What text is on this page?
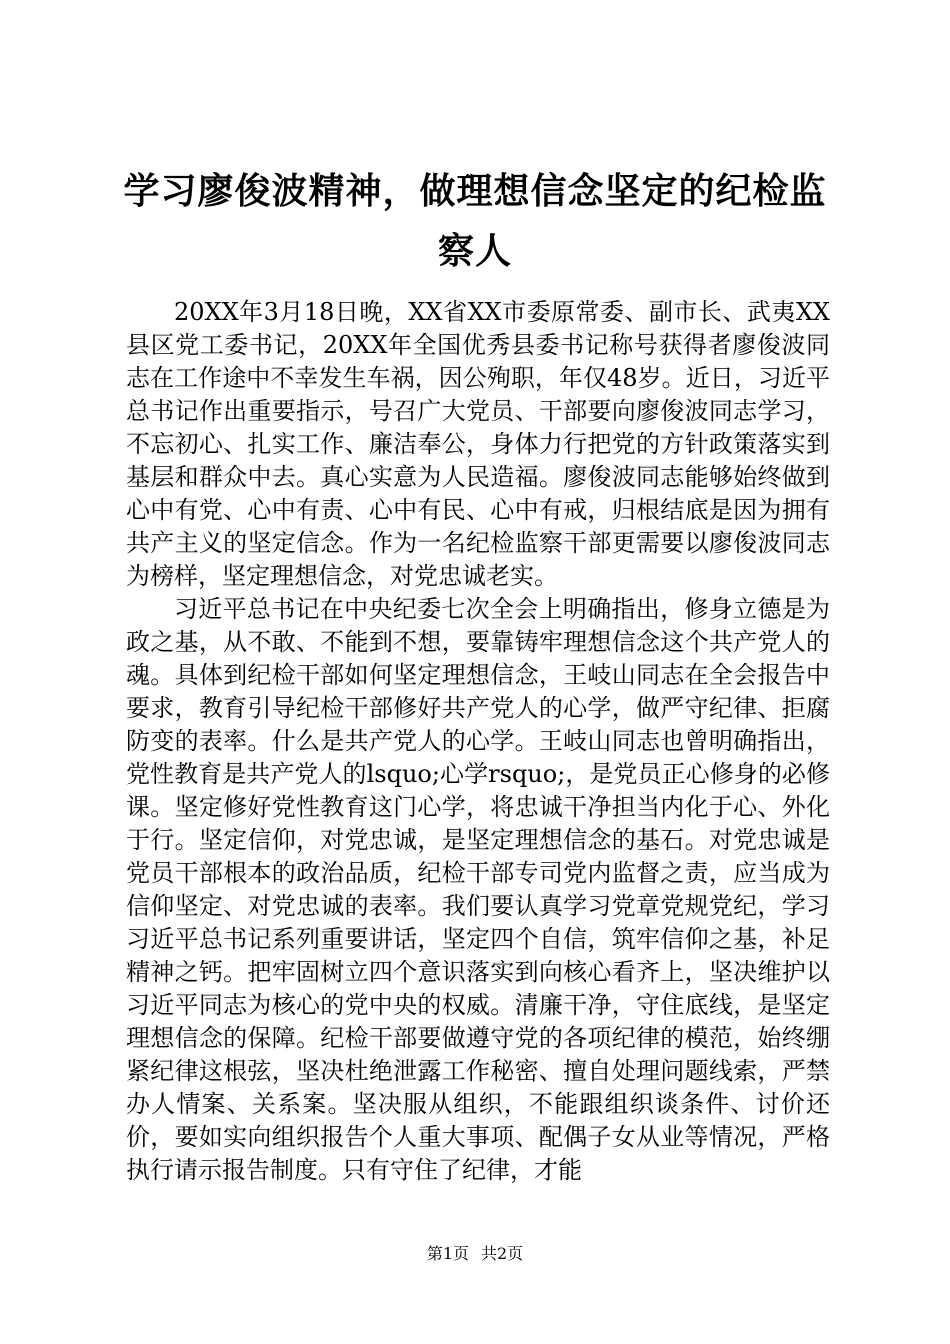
学习廖俊波精神，做理想信念坚定的纪检监察人

20XX年3月18日晚，XX省XX市委原常委、副市长、武夷XX县区党工委书记，20XX年全国优秀县委书记称号获得者廖俊波同志在工作途中不幸发生车祸，因公殉职，年仅48岁。近日，习近平总书记作出重要指示，号召广大党员、干部要向廖俊波同志学习，不忘初心、扎实工作、廉洁奉公，身体力行把党的方针政策落实到基层和群众中去。真心实意为人民造福。廖俊波同志能够始终做到心中有党、心中有责、心中有民、心中有戒，归根结底是因为拥有共产主义的坚定信念。作为一名纪检监察干部更需要以廖俊波同志为榜样，坚定理想信念，对党忠诚老实。

习近平总书记在中央纪委七次全会上明确指出，修身立德是为政之基，从不敢、不能到不想，要靠铸牢理想信念这个共产党人的魂。具体到纪检干部如何坚定理想信念，王岐山同志在全会报告中要求，教育引导纪检干部修好共产党人的心学，做严守纪律、拒腐防变的表率。什么是共产党人的心学。王岐山同志也曾明确指出，党性教育是共产党人的lsquo;心学rsquo;，是党员正心修身的必修课。坚定修好党性教育这门心学，将忠诚干净担当内化于心、外化于行。坚定信仰，对党忠诚，是坚定理想信念的基石。对党忠诚是党员干部根本的政治品质，纪检干部专司党内监督之责，应当成为信仰坚定、对党忠诚的表率。我们要认真学习党章党规党纪，学习习近平总书记系列重要讲话，坚定四个自信，筑牢信仰之基，补足精神之钙。把牢固树立四个意识落实到向核心看齐上，坚决维护以习近平同志为核心的党中央的权威。清廉干净，守住底线，是坚定理想信念的保障。纪检干部要做遵守党的各项纪律的模范，始终绷紧纪律这根弦，坚决杜绝泄露工作秘密、擅自处理问题线索，严禁办人情案、关系案。坚决服从组织，不能跟组织谈条件、讨价还价，要如实向组织报告个人重大事项、配偶子女从业等情况，严格执行请示报告制度。只有守住了纪律，才能

第1页 共2页
